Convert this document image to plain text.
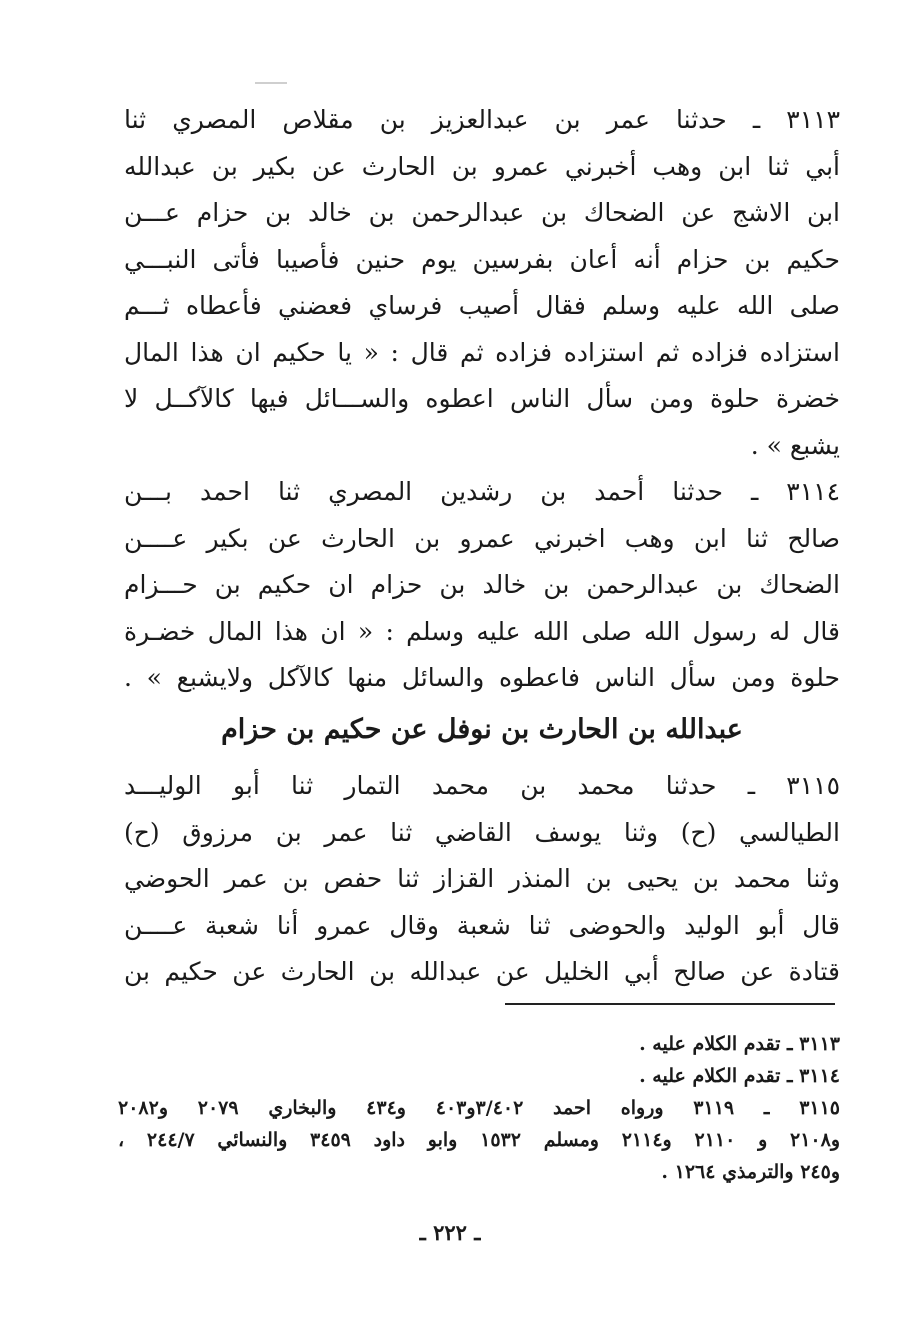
٣١١٣ ـ حدثنا عمر بن عبدالعزيز بن مقلاص المصري ثنا
أبي ثنا ابن وهب أخبرني عمرو بن الحارث عن بكير بن عبدالله
ابن الاشج عن الضحاك بن عبدالرحمن بن خالد بن حزام عـــن
حكيم بن حزام أنه أعان بفرسين يوم حنين فأصيبا فأتى النبـــي
صلى الله عليه وسلم فقال أصيب فرساي فعضني فأعطاه ثـــم
استزاده فزاده ثم استزاده فزاده ثم قال : « يا حكيم ان هذا المال
خضرة حلوة ومن سأل الناس اعطوه والســـائل فيها كالآكــل لا
يشبع » .
٣١١٤ ـ حدثنا أحمد بن رشدين المصري ثنا احمد بـــن
صالح ثنا ابن وهب اخبرني عمرو بن الحارث عن بكير عــــن
الضحاك بن عبدالرحمن بن خالد بن حزام ان حكيم بن حـــزام
قال له رسول الله صلى الله عليه وسلم : « ان هذا المال خضـرة
حلوة ومن سأل الناس فاعطوه والسائل منها كالآكل ولايشبع » .
عبدالله بن الحارث بن نوفل عن حكيم بن حزام
٣١١٥ ـ حدثنا محمد بن محمد التمار ثنا أبو الوليـــد
الطيالسي (ح) وثنا يوسف القاضي ثنا عمر بن مرزوق (ح)
وثنا محمد بن يحيى بن المنذر القزاز ثنا حفص بن عمر الحوضي
قال أبو الوليد والحوضى ثنا شعبة وقال عمرو أنا شعبة عــــن
قتادة عن صالح أبي الخليل عن عبدالله بن الحارث عن حكيم بن
٣١١٣ ـ تقدم الكلام عليه .
٣١١٤ ـ تقدم الكلام عليه .
٣١١٥ ـ ٣١١٩ ورواه احمد ٣/٤٠٢و٤٠٣ و٤٣٤ والبخاري ٢٠٧٩ و٢٠٨٢
و٢١٠٨ و ٢١١٠ و٢١١٤ ومسلم ١٥٣٢ وابو داود ٣٤٥٩ والنسائي ٢٤٤/٧ ،
و٢٤٥ والترمذي ١٢٦٤ .
ـ ٢٢٢ ـ
